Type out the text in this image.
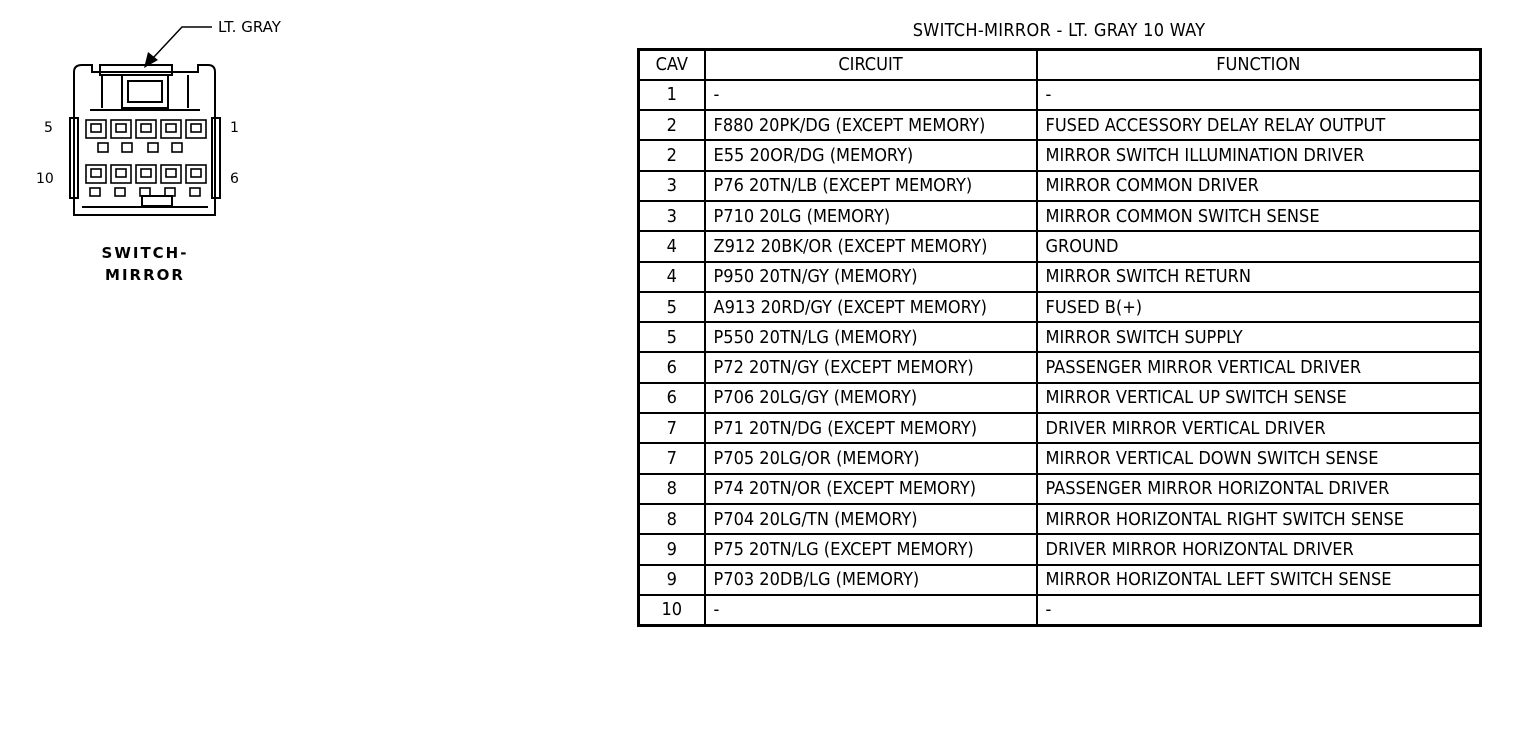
LT. GRAY
5	1
10	6
SWITCH-
MIRROR
SWITCH-MIRROR - LT. GRAY 10 WAY
CAV	CIRCUIT	FUNCTION
1	-	-
2	F880 20PK/DG (EXCEPT MEMORY)	FUSED ACCESSORY DELAY RELAY OUTPUT
2	E55 20OR/DG (MEMORY)	MIRROR SWITCH ILLUMINATION DRIVER
3	P76 20TN/LB (EXCEPT MEMORY)	MIRROR COMMON DRIVER
3	P710 20LG (MEMORY)	MIRROR COMMON SWITCH SENSE
4	Z912 20BK/OR (EXCEPT MEMORY)	GROUND
4	P950 20TN/GY (MEMORY)	MIRROR SWITCH RETURN
5	A913 20RD/GY (EXCEPT MEMORY)	FUSED B(+)
5	P550 20TN/LG (MEMORY)	MIRROR SWITCH SUPPLY
6	P72 20TN/GY (EXCEPT MEMORY)	PASSENGER MIRROR VERTICAL DRIVER
6	P706 20LG/GY (MEMORY)	MIRROR VERTICAL UP SWITCH SENSE
7	P71 20TN/DG (EXCEPT MEMORY)	DRIVER MIRROR VERTICAL DRIVER
7	P705 20LG/OR (MEMORY)	MIRROR VERTICAL DOWN SWITCH SENSE
8	P74 20TN/OR (EXCEPT MEMORY)	PASSENGER MIRROR HORIZONTAL DRIVER
8	P704 20LG/TN (MEMORY)	MIRROR HORIZONTAL RIGHT SWITCH SENSE
9	P75 20TN/LG (EXCEPT MEMORY)	DRIVER MIRROR HORIZONTAL DRIVER
9	P703 20DB/LG (MEMORY)	MIRROR HORIZONTAL LEFT SWITCH SENSE
10	-	-
